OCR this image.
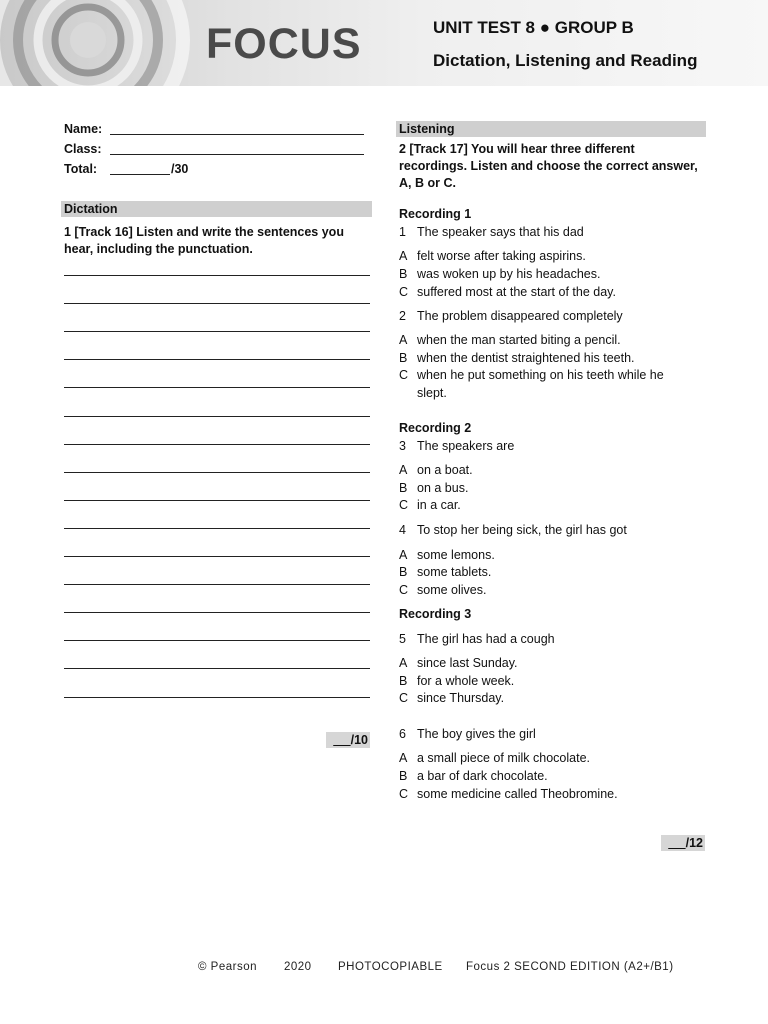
FOCUS	UNIT TEST 8 ● GROUP B
Dictation, Listening and Reading
Name:
Class:
Total:	/30
Dictation
1 [Track 16] Listen and write the sentences you hear, including the punctuation.
/10
Listening
2 [Track 17] You will hear three different recordings. Listen and choose the correct answer, A, B or C.
Recording 1
1 The speaker says that his dad
A felt worse after taking aspirins.
B was woken up by his headaches.
C suffered most at the start of the day.
2 The problem disappeared completely
A when the man started biting a pencil.
B when the dentist straightened his teeth.
C when he put something on his teeth while he slept.
Recording 2
3 The speakers are
A on a boat.
B on a bus.
C in a car.
4 To stop her being sick, the girl has got
A some lemons.
B some tablets.
C some olives.
Recording 3
5 The girl has had a cough
A since last Sunday.
B for a whole week.
C since Thursday.
6 The boy gives the girl
A a small piece of milk chocolate.
B a bar of dark chocolate.
C some medicine called Theobromine.
/12
© Pearson 2020 PHOTOCOPIABLE Focus 2 SECOND EDITION (A2+/B1)
